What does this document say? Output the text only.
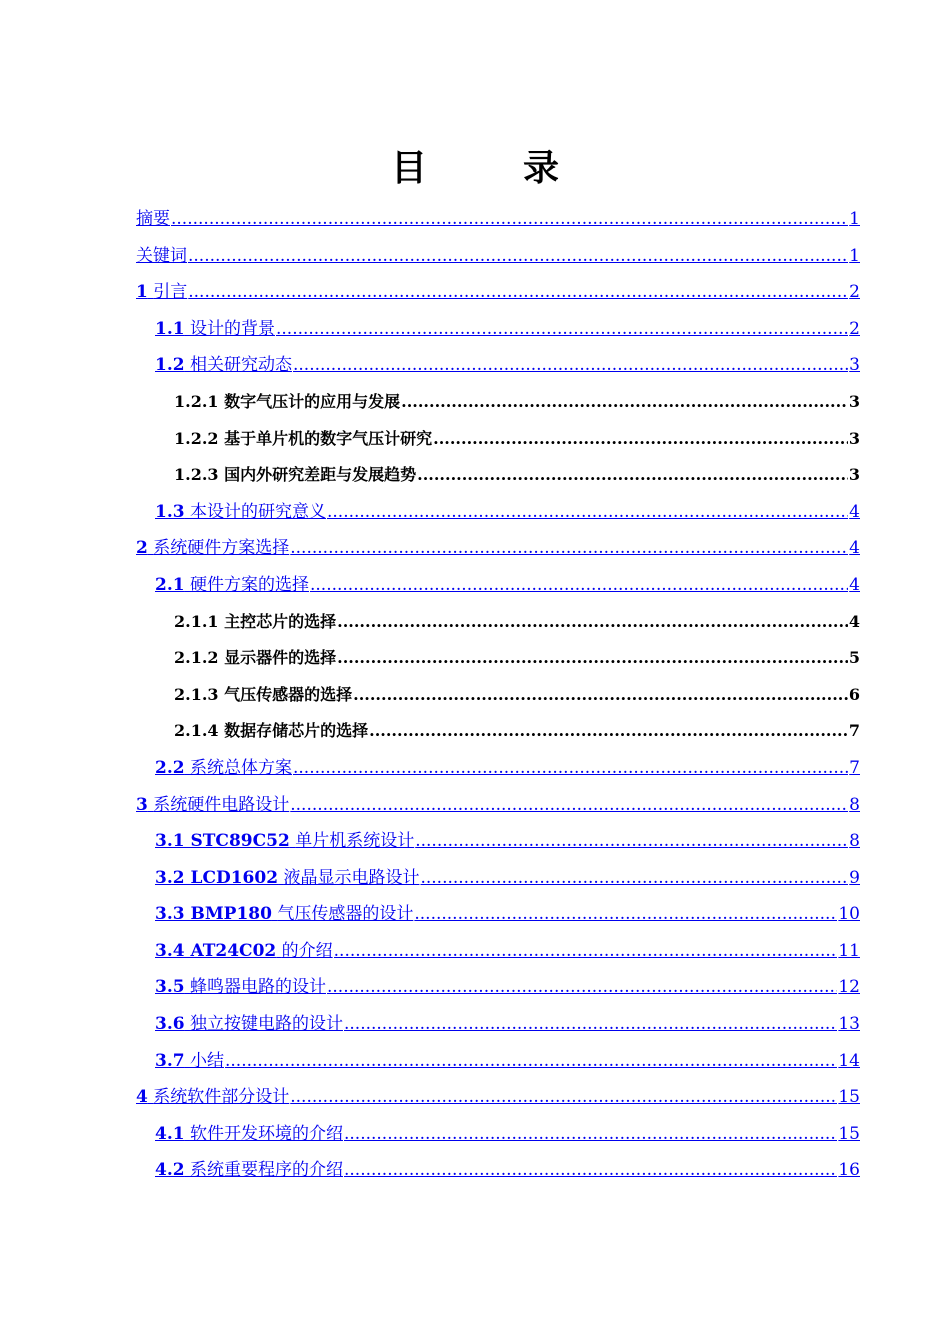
目　录
摘要 .....	1
关键词 .....	1
1 引言 .....	2
1.1 设计的背景 .....	2
1.2 相关研究动态 .....	3
1.2.1 数字气压计的应用与发展 .....	3
1.2.2 基于单片机的数字气压计研究 .....	3
1.2.3 国内外研究差距与发展趋势 .....	3
1.3 本设计的研究意义 .....	4
2 系统硬件方案选择 .....	4
2.1 硬件方案的选择 .....	4
2.1.1 主控芯片的选择 .....	4
2.1.2 显示器件的选择 .....	5
2.1.3 气压传感器的选择 .....	6
2.1.4 数据存储芯片的选择 .....	7
2.2 系统总体方案 .....	7
3 系统硬件电路设计 .....	8
3.1 STC89C52 单片机系统设计 .....	8
3.2 LCD1602 液晶显示电路设计 .....	9
3.3 BMP180 气压传感器的设计 .....	10
3.4 AT24C02 的介绍 .....	11
3.5 蜂鸣器电路的设计 .....	12
3.6 独立按键电路的设计 .....	13
3.7 小结 .....	14
4 系统软件部分设计 .....	15
4.1 软件开发环境的介绍 .....	15
4.2 系统重要程序的介绍 .....	16
